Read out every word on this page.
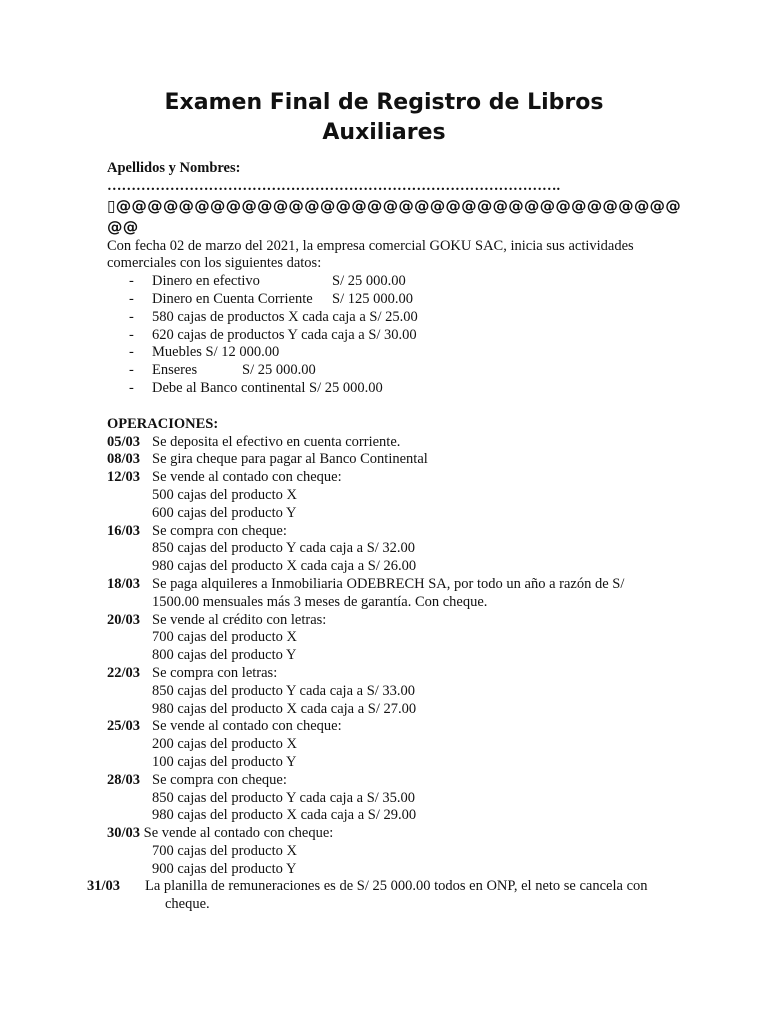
Examen Final de Registro de Libros
Auxiliares
Apellidos y Nombres:
………………………………………………………………………………….
▯@@@@@@@@@@@@@@@@@@@@@@@@@@@@@@@@@@@@
@@
Con fecha 02 de marzo del 2021, la empresa comercial GOKU SAC, inicia sus actividades comerciales con los siguientes datos:
- Dinero en efectivo	S/ 25 000.00
- Dinero en Cuenta Corriente S/ 125 000.00
- 580 cajas de productos X cada caja a S/ 25.00
- 620 cajas de productos Y cada caja a S/ 30.00
- Muebles S/ 12 000.00
- Enseres	S/ 25 000.00
- Debe al Banco continental S/ 25 000.00
OPERACIONES:
05/03 Se deposita el efectivo en cuenta corriente.
08/03 Se gira cheque para pagar al Banco Continental
12/03 Se vende al contado con cheque:
500 cajas del producto X
600 cajas del producto Y
16/03 Se compra con cheque:
850 cajas del producto Y cada caja a S/ 32.00
980 cajas del producto X cada caja a S/ 26.00
18/03 Se paga alquileres a Inmobiliaria ODEBRECH SA, por todo un año a razón de S/ 1500.00 mensuales más 3 meses de garantía. Con cheque.
20/03 Se vende al crédito con letras:
700 cajas del producto X
800 cajas del producto Y
22/03 Se compra con letras:
850 cajas del producto Y cada caja a S/ 33.00
980 cajas del producto X cada caja a S/ 27.00
25/03 Se vende al contado con cheque:
200 cajas del producto X
100 cajas del producto Y
28/03 Se compra con cheque:
850 cajas del producto Y cada caja a S/ 35.00
980 cajas del producto X cada caja a S/ 29.00
30/03 Se vende al contado con cheque:
700 cajas del producto X
900 cajas del producto Y
31/03 La planilla de remuneraciones es de S/ 25 000.00 todos en ONP, el neto se cancela con cheque.
